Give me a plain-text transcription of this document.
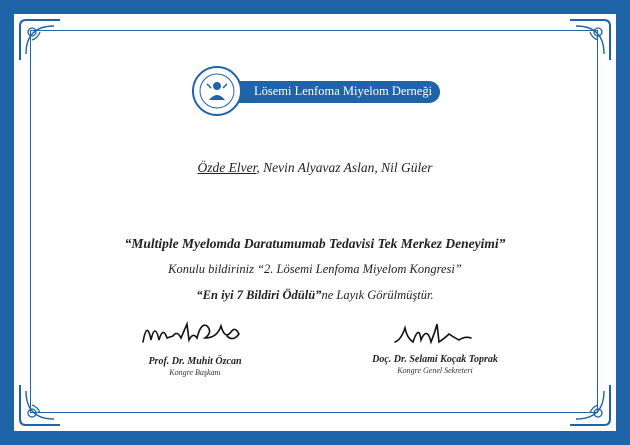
Lösemi Lenfoma Miyelom Derneği
Özde Elver, Nevin Alyavaz Aslan, Nil Güler
“Multiple Myelomda Daratumumab Tedavisi Tek Merkez Deneyimi”
Konulu bildiriniz “2. Lösemi Lenfoma Miyelom Kongresi”
“En iyi 7 Bildiri Ödülü”ne Layık Görülmüştür.
Prof. Dr. Muhit Özcan
Kongre Başkanı
Doç. Dr. Selami Koçak Toprak
Kongre Genel Sekreteri
